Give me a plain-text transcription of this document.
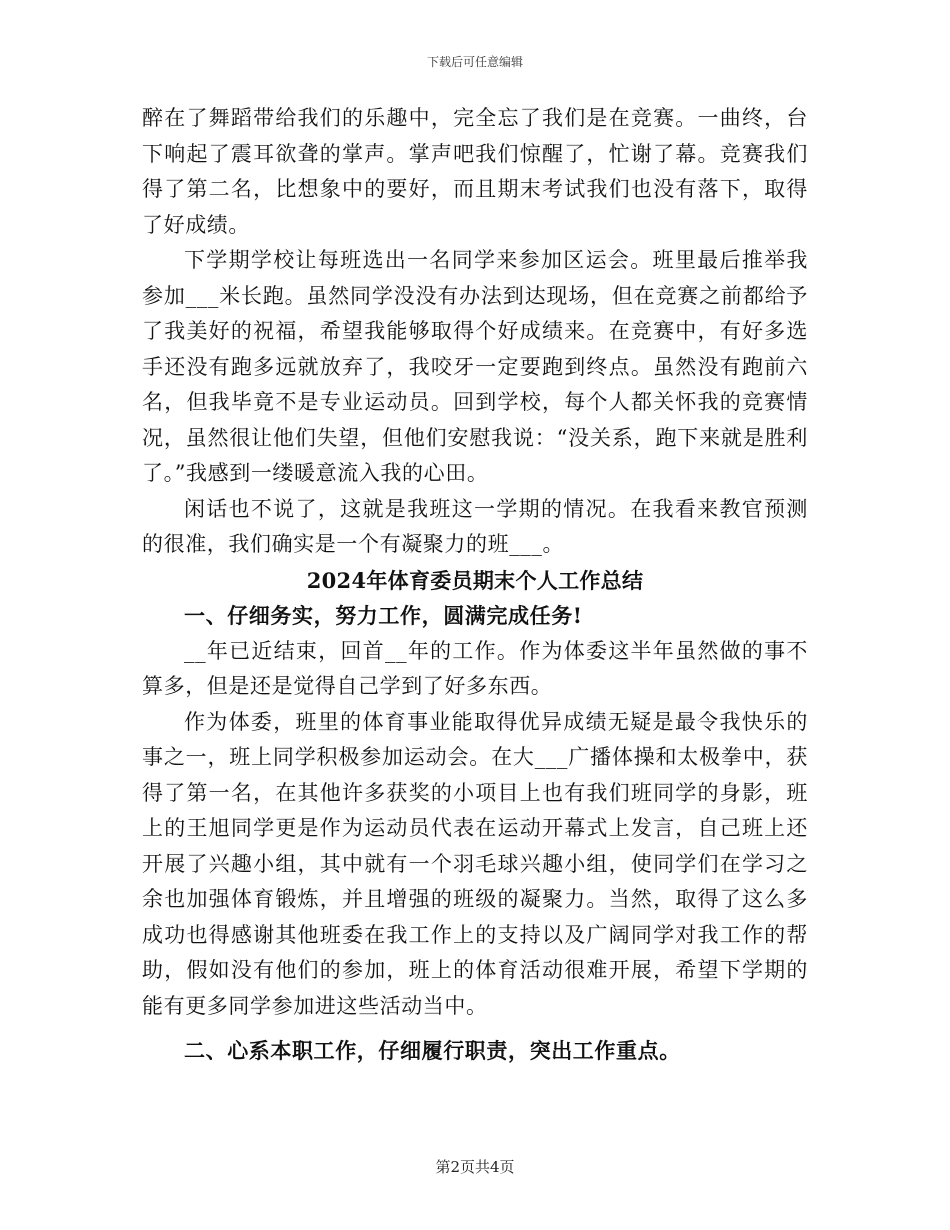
下载后可任意编辑

醉在了舞蹈带给我们的乐趣中，完全忘了我们是在竞赛。一曲终，台下响起了震耳欲聋的掌声。掌声吧我们惊醒了，忙谢了幕。竞赛我们得了第二名，比想象中的要好，而且期末考试我们也没有落下，取得了好成绩。

下学期学校让每班选出一名同学来参加区运会。班里最后推举我参加___米长跑。虽然同学没没有办法到达现场，但在竞赛之前都给予了我美好的祝福，希望我能够取得个好成绩来。在竞赛中，有好多选手还没有跑多远就放弃了，我咬牙一定要跑到终点。虽然没有跑前六名，但我毕竟不是专业运动员。回到学校，每个人都关怀我的竞赛情况，虽然很让他们失望，但他们安慰我说：“没关系，跑下来就是胜利了。”我感到一缕暖意流入我的心田。

闲话也不说了，这就是我班这一学期的情况。在我看来教官预测的很准，我们确实是一个有凝聚力的班___。

2024年体育委员期末个人工作总结

一、仔细务实，努力工作，圆满完成任务!

__年已近结束，回首__年的工作。作为体委这半年虽然做的事不算多，但是还是觉得自己学到了好多东西。

作为体委，班里的体育事业能取得优异成绩无疑是最令我快乐的事之一，班上同学积极参加运动会。在大___广播体操和太极拳中，获得了第一名，在其他许多获奖的小项目上也有我们班同学的身影，班上的王旭同学更是作为运动员代表在运动开幕式上发言，自己班上还开展了兴趣小组，其中就有一个羽毛球兴趣小组，使同学们在学习之余也加强体育锻炼，并且增强的班级的凝聚力。当然，取得了这么多成功也得感谢其他班委在我工作上的支持以及广阔同学对我工作的帮助，假如没有他们的参加，班上的体育活动很难开展，希望下学期的能有更多同学参加进这些活动当中。

二、心系本职工作，仔细履行职责，突出工作重点。

第2页共4页
